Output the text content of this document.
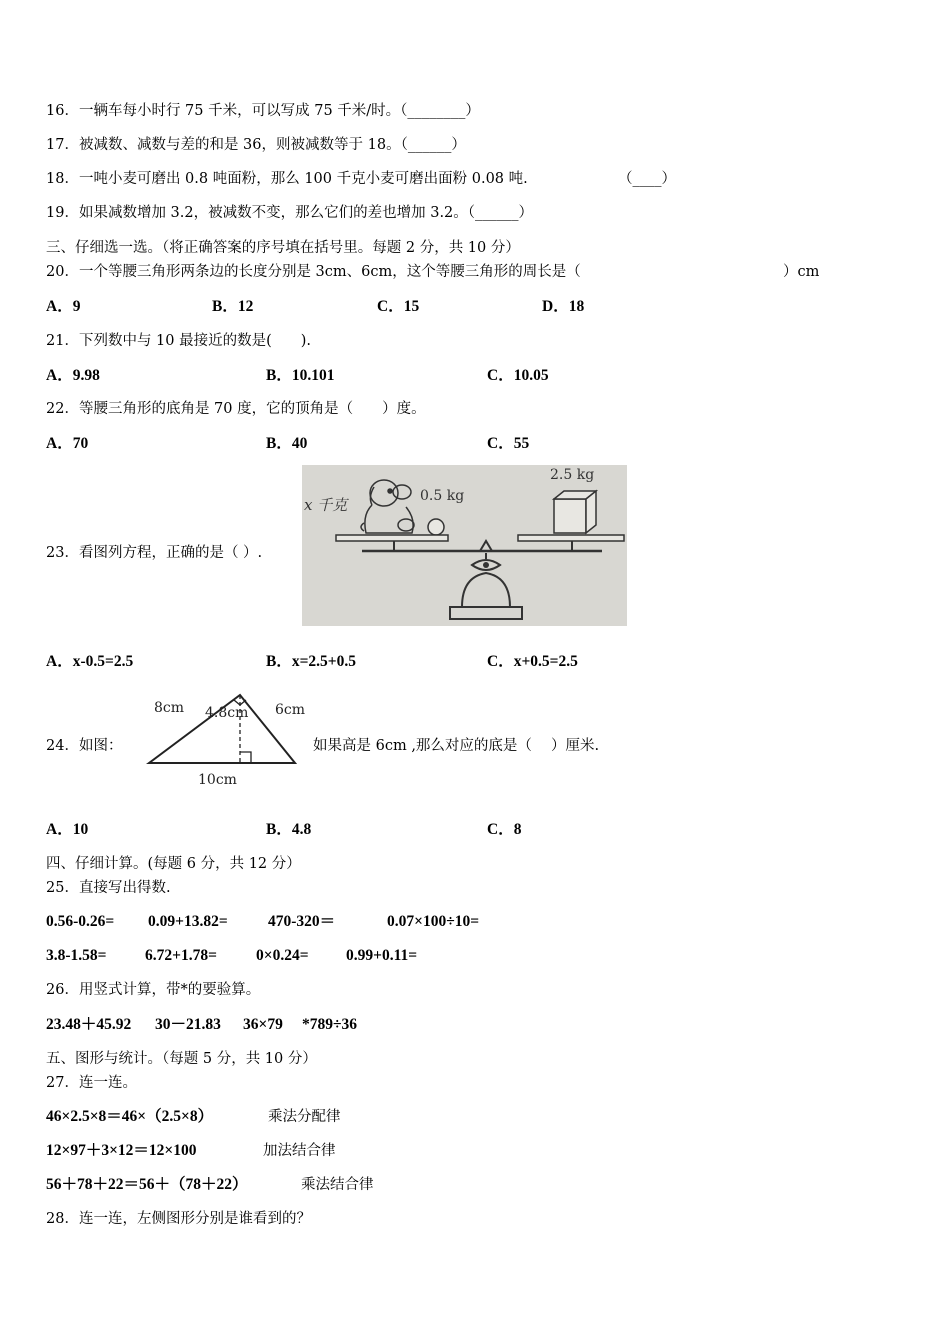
16．一辆车每小时行 75 千米，可以写成 75 千米/时。（________）
17．被减数、减数与差的和是 36，则被减数等于 18。（______）
18．一吨小麦可磨出 0.8 吨面粉，那么 100 千克小麦可磨出面粉 0.08 吨.	（____）
19．如果减数增加 3.2，被减数不变，那么它们的差也增加 3.2。（______）
三、仔细选一选。（将正确答案的序号填在括号里。每题 2 分，共 10 分）
20．一个等腰三角形两条边的长度分别是 3cm、6cm，这个等腰三角形的周长是（	）cm
A．9	B．12	C．15	D．18
21．下列数中与 10 最接近的数是(　　).
A．9.98	B．10.101	C．10.05
22．等腰三角形的底角是 70 度，它的顶角是（　　）度。
A．70	B．40	C．55
23．看图列方程，正确的是（ ）.
x 千克	0.5 kg
2.5 kg
A．x-0.5=2.5	B．x=2.5+0.5	C．x+0.5=2.5
24．如图：
8cm 4.8cm 6cm
10cm
如果高是 6cm ,那么对应的底是（　 ）厘米.
A．10	B．4.8	C．8
四、仔细计算。(每题 6 分，共 12 分）
25．直接写出得数.
0.56-0.26= 0.09+13.82=	470-320＝	0.07×100÷10=
3.8-1.58= 6.72+1.78=	0×0.24= 0.99+0.11=
26．用竖式计算，带*的要验算。
23.48＋45.92 30－21.83 36×79 *789÷36
五、图形与统计。（每题 5 分，共 10 分）
27．连一连。
46×2.5×8＝46×（2.5×8）	乘法分配律
12×97＋3×12＝12×100	加法结合律
56＋78＋22＝56＋（78＋22）	乘法结合律
28．连一连，左侧图形分别是谁看到的？
